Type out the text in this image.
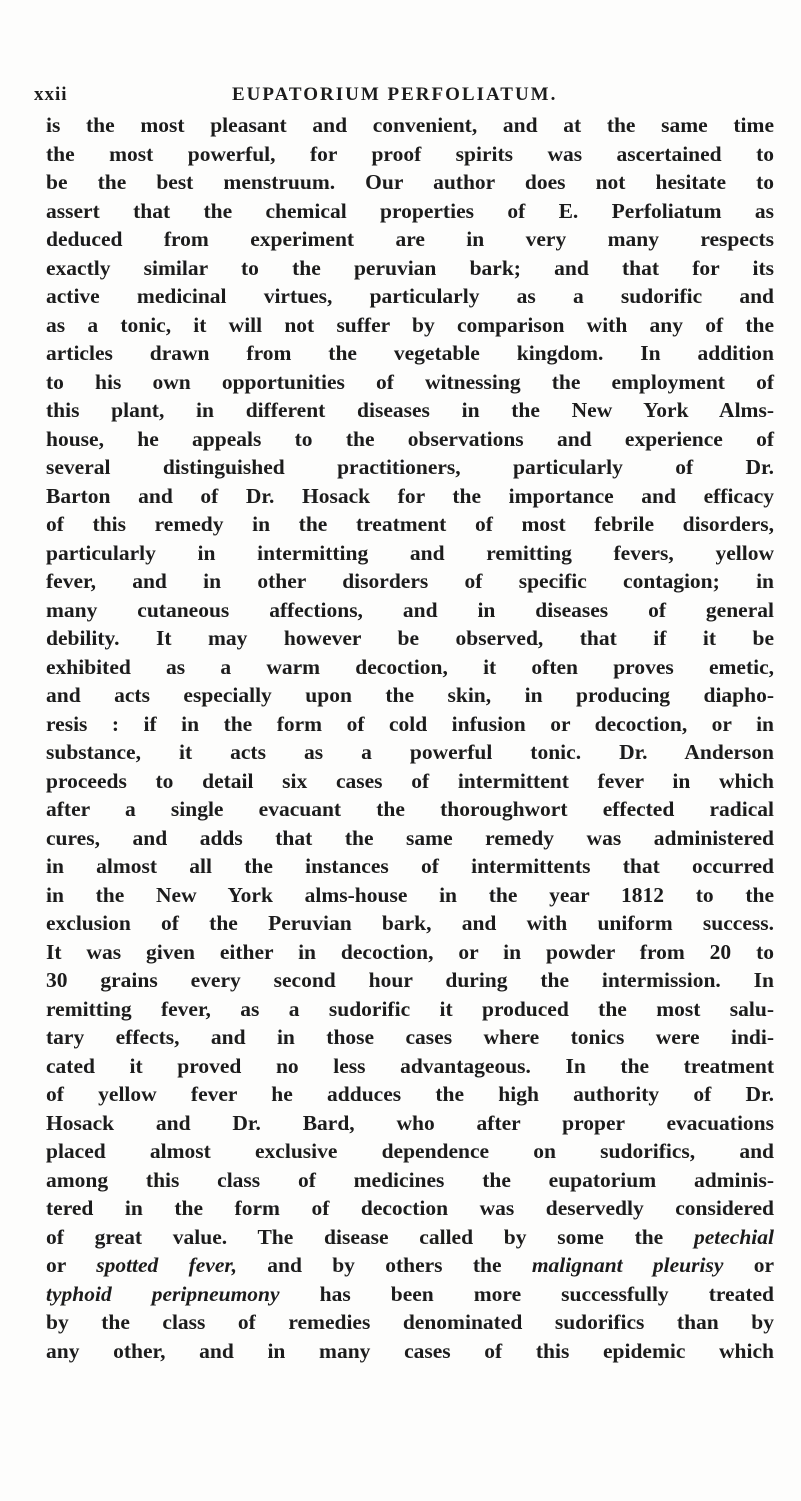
xxii	EUPATORIUM PERFOLIATUM.
is the most pleasant and convenient, and at the same time
the most powerful, for proof spirits was ascertained to
be the best menstruum. Our author does not hesitate to
assert that the chemical properties of E. Perfoliatum as
deduced from experiment are in very many respects
exactly similar to the peruvian bark; and that for its
active medicinal virtues, particularly as a sudorific and
as a tonic, it will not suffer by comparison with any of the
articles drawn from the vegetable kingdom. In addition
to his own opportunities of witnessing the employment of
this plant, in different diseases in the New York Alms-
house, he appeals to the observations and experience of
several distinguished practitioners, particularly of Dr.
Barton and of Dr. Hosack for the importance and efficacy
of this remedy in the treatment of most febrile disorders,
particularly in intermitting and remitting fevers, yellow
fever, and in other disorders of specific contagion; in
many cutaneous affections, and in diseases of general
debility. It may however be observed, that if it be
exhibited as a warm decoction, it often proves emetic,
and acts especially upon the skin, in producing diapho-
resis : if in the form of cold infusion or decoction, or in
substance, it acts as a powerful tonic. Dr. Anderson
proceeds to detail six cases of intermittent fever in which
after a single evacuant the thoroughwort effected radical
cures, and adds that the same remedy was administered
in almost all the instances of intermittents that occurred
in the New York alms-house in the year 1812 to the
exclusion of the Peruvian bark, and with uniform success.
It was given either in decoction, or in powder from 20 to
30 grains every second hour during the intermission. In
remitting fever, as a sudorific it produced the most salu-
tary effects, and in those cases where tonics were indi-
cated it proved no less advantageous. In the treatment
of yellow fever he adduces the high authority of Dr.
Hosack and Dr. Bard, who after proper evacuations
placed almost exclusive dependence on sudorifics, and
among this class of medicines the eupatorium adminis-
tered in the form of decoction was deservedly considered
of great value. The disease called by some the petechial
or spotted fever, and by others the malignant pleurisy or
typhoid peripneumony has been more successfully treated
by the class of remedies denominated sudorifics than by
any other, and in many cases of this epidemic which
